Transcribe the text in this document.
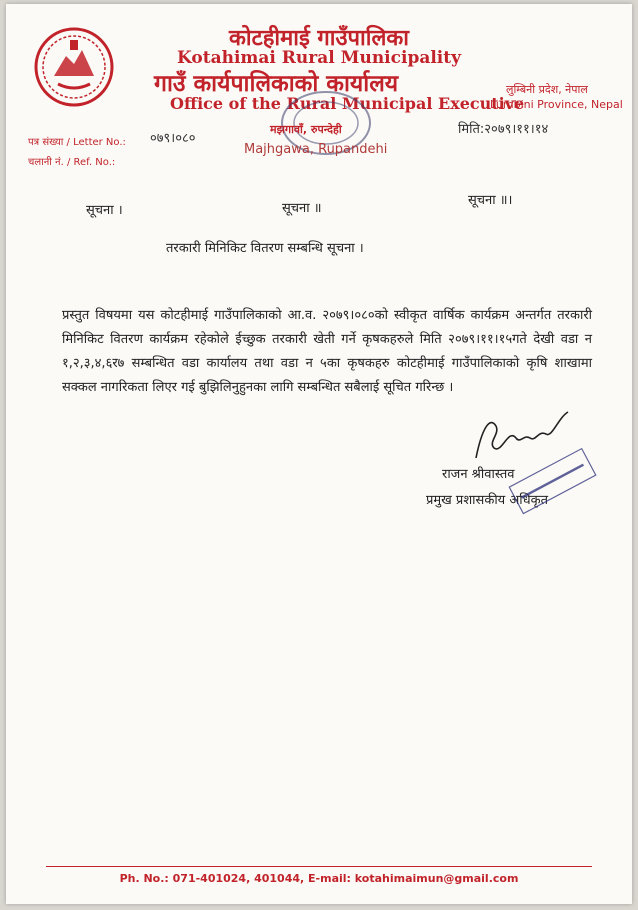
कोटहीमाई गाउँपालिका
Kotahimai Rural Municipality
गाउँ कार्यपालिकाको कार्यालय
Office of the Rural Municipal Executive
लुम्बिनी प्रदेश, नेपाल
Lumbini Province, Nepal
मझगावाँ, रुपन्देही
Majhgawa, Rupandehi
पत्र संख्या / Letter No.:
चलानी नं. / Ref. No.:
०७९।०८०
मिति:२०७९।११।१४
सूचना ।	सूचना ॥
सूचना ॥।
तरकारी मिनिकिट वितरण सम्बन्धि सूचना ।
प्रस्तुत विषयमा यस कोटहीमाई गाउँपालिकाको आ.व. २०७९।०८०को स्वीकृत वार्षिक कार्यक्रम अन्तर्गत तरकारी मिनिकिट वितरण कार्यक्रम रहेकोले ईच्छुक तरकारी खेती गर्ने कृषकहरुले मिति २०७९।११।१५गते देखी वडा न १,२,३,४,६र७ सम्बन्धित वडा कार्यालय तथा वडा न ५का कृषकहरु कोटहीमाई गाउँपालिकाको कृषि शाखामा सक्कल नागरिकता लिएर गई बुझिलिनुहुनका लागि सम्बन्धित सबैलाई सूचित गरिन्छ ।
राजन श्रीवास्तव
प्रमुख प्रशासकीय अधिकृत
Ph. No.: 071-401024, 401044, E-mail: kotahimaimun@gmail.com
